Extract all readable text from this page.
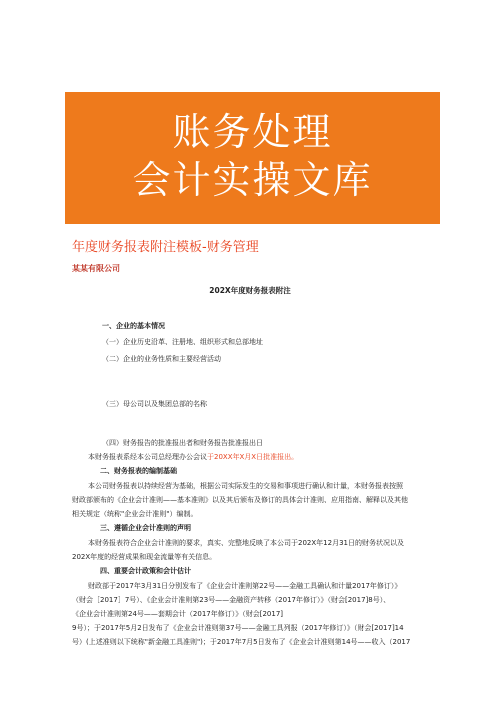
账务处理
会计实操文库
年度财务报表附注模板-财务管理
某某有限公司
202X年度财务报表附注
一、企业的基本情况
（一）企业历史沿革、注册地、组织形式和总部地址
（二）企业的业务性质和主要经营活动
（三）母公司以及集团总部的名称
（四）财务报告的批准报出者和财务报告批准报出日
本财务报表系经本公司总经理办公会议于20XX年X月X日批准报出。
二、财务报表的编制基础
本公司财务报表以持续经营为基础，根据公司实际发生的交易和事项进行确认和计量，本财务报表按照
财政部颁布的《企业会计准则——基本准则》以及其后颁布及修订的具体会计准则、应用指南、解释以及其他
相关规定（统称"企业会计准则"）编制。
三、遵循企业会计准则的声明
本财务报表符合企业会计准则的要求，真实、完整地反映了本公司于202X年12月31日的财务状况以及
202X年度的经营成果和现金流量等有关信息。
四、重要会计政策和会计估计
财政部于2017年3月31日分别发布了《企业会计准则第22号——金融工具确认和计量2017年修订）》
（财会［2017］7号）、《企业会计准则第23号——金融资产转移（2017年修订）》（财会[2017]8号）、
《企业会计准则第24号——套期会计（2017年修订）》（财会[2017]
9号）；于2017年5月2日发布了《企业会计准则第37号——金融工具列报（2017年修订）》（财会[2017]14
号）(上述准则以下统称"新金融工具准则")；于2017年7月5日发布了《企业会计准则第14号——收入（2017
